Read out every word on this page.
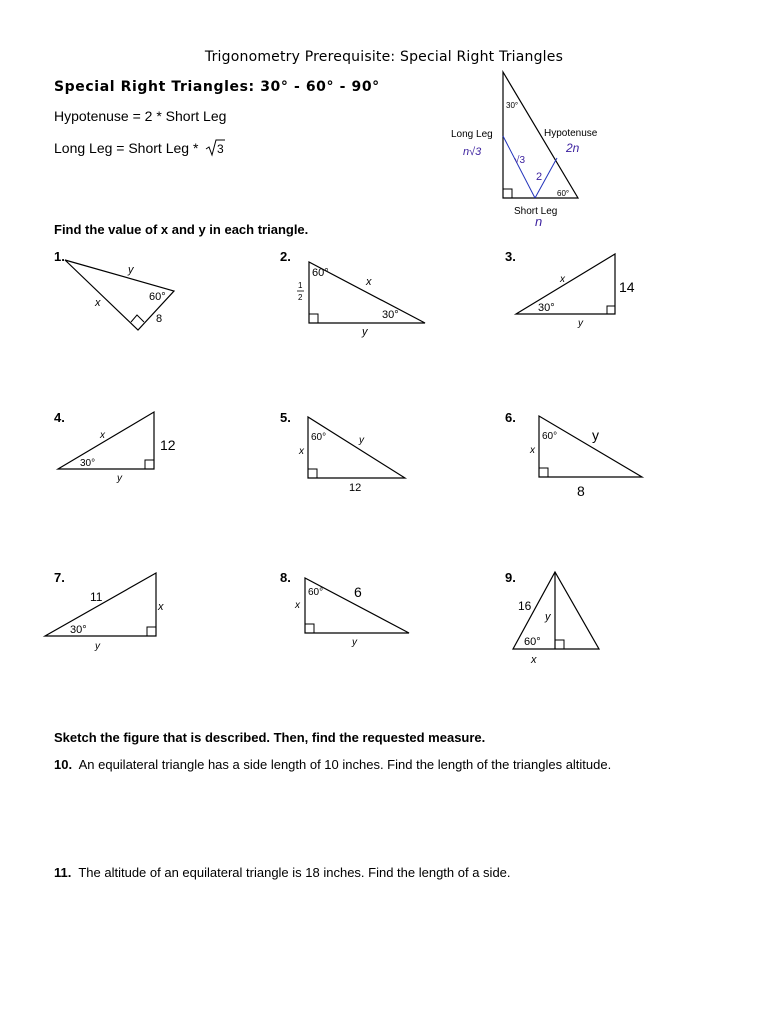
Trigonometry Prerequisite: Special Right Triangles
Special Right Triangles: 30° - 60° - 90°
Hypotenuse = 2 * Short Leg
Long Leg = Short Leg * 3
30°
60°
Long Leg
n√3
Hypotenuse
2n
√3
2
Short Leg
n
Find the value of x and y in each triangle.
1.
y
x	60°
8
2.
60°
x
1
2
30°
y
3.
x	14
30°
y
4.
x
12
30°
y
5.
x
60°	y
12
6.
x
60° y
8
7.
11
x
30°
y
8.
x
60° 6
y
9.
16
y
60°
x
Sketch the figure that is described. Then, find the requested measure.
10. An equilateral triangle has a side length of 10 inches. Find the length of the triangles altitude.
11. The altitude of an equilateral triangle is 18 inches. Find the length of a side.
